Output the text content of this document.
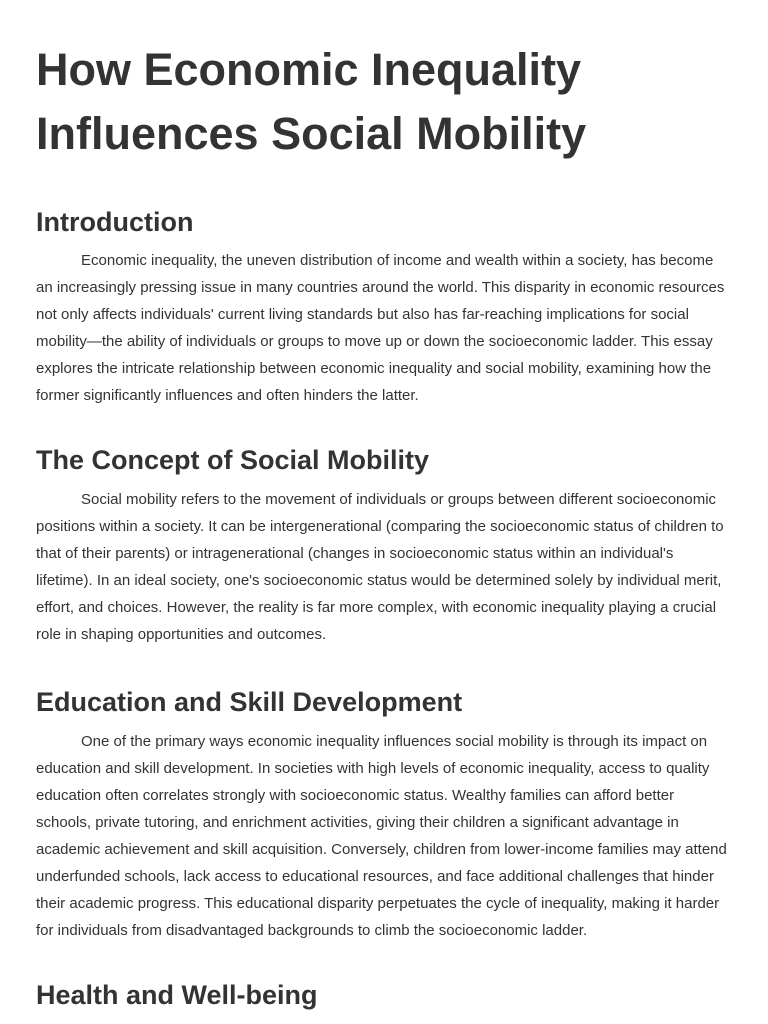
How Economic Inequality Influences Social Mobility
Introduction

Economic inequality, the uneven distribution of income and wealth within a society, has become an increasingly pressing issue in many countries around the world. This disparity in economic resources not only affects individuals' current living standards but also has far-reaching implications for social mobility—the ability of individuals or groups to move up or down the socioeconomic ladder. This essay explores the intricate relationship between economic inequality and social mobility, examining how the former significantly influences and often hinders the latter.

The Concept of Social Mobility

Social mobility refers to the movement of individuals or groups between different socioeconomic positions within a society. It can be intergenerational (comparing the socioeconomic status of children to that of their parents) or intragenerational (changes in socioeconomic status within an individual's lifetime). In an ideal society, one's socioeconomic status would be determined solely by individual merit, effort, and choices. However, the reality is far more complex, with economic inequality playing a crucial role in shaping opportunities and outcomes.

Education and Skill Development

One of the primary ways economic inequality influences social mobility is through its impact on education and skill development. In societies with high levels of economic inequality, access to quality education often correlates strongly with socioeconomic status. Wealthy families can afford better schools, private tutoring, and enrichment activities, giving their children a significant advantage in academic achievement and skill acquisition. Conversely, children from lower-income families may attend underfunded schools, lack access to educational resources, and face additional challenges that hinder their academic progress. This educational disparity perpetuates the cycle of inequality, making it harder for individuals from disadvantaged backgrounds to climb the socioeconomic ladder.

Health and Well-being
